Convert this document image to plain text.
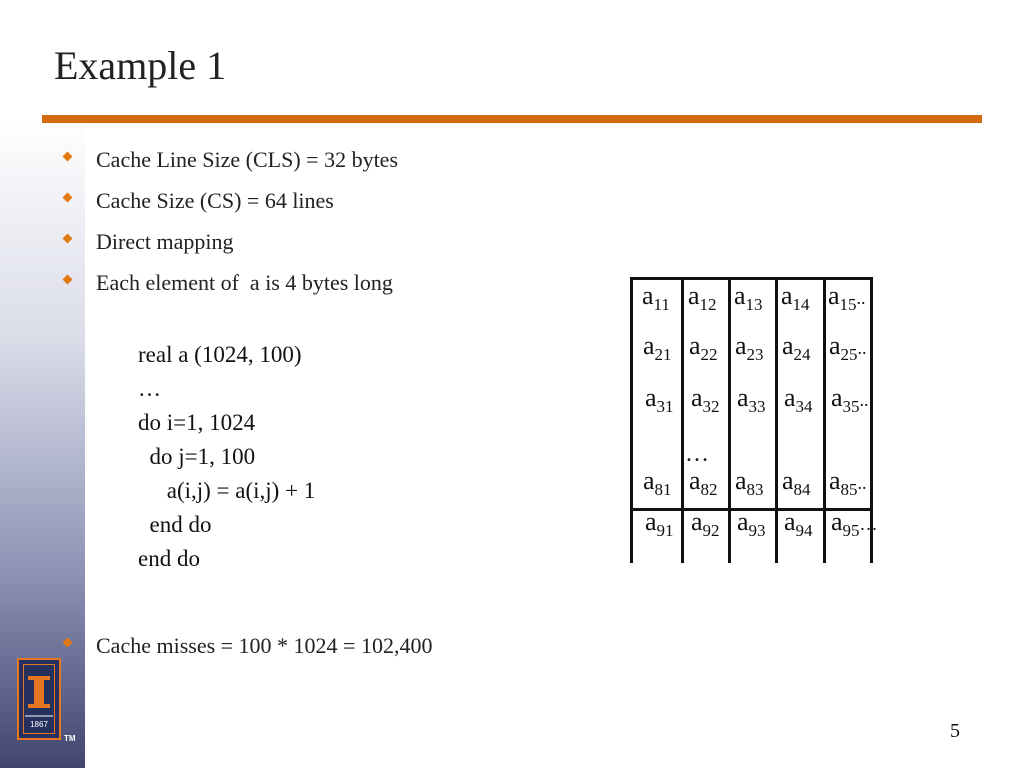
Example 1
Cache Line Size (CLS) = 32 bytes
Cache Size (CS) = 64 lines
Direct mapping
Each element of  a is 4 bytes long
real a (1024, 100)
…
do i=1, 1024
do j=1, 100
a(i,j) = a(i,j) + 1
end do
end do
Cache misses = 100 * 1024 = 102,400
…
1867
TM	5
$a_{11}$ $a_{12}$ $a_{13}$ $a_{14}$ $a_{15}$..
$a_{21}$ $a_{22}$ $a_{23}$ $a_{24}$ $a_{25}$..
$a_{31}$ $a_{32}$ $a_{33}$ $a_{34}$ $a_{35}$..
$a_{81}$ $a_{82}$ $a_{83}$ $a_{84}$ $a_{85}$..
$a_{91}$ $a_{92}$ $a_{93}$ $a_{94}$ $a_{95}\dots$
